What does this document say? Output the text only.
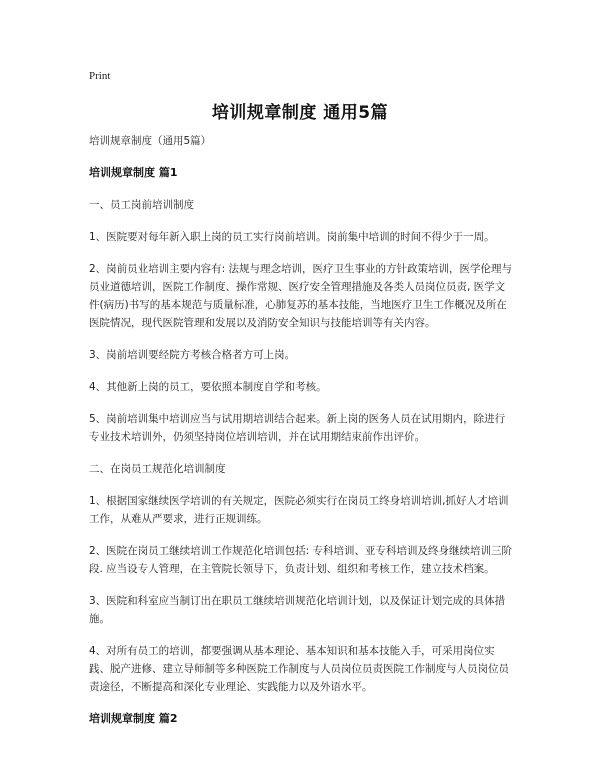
Print
培训规章制度 通用5篇

培训规章制度（通用5篇）

培训规章制度 篇1

一、员工岗前培训制度

1、医院要对每年新入职上岗的员工实行岗前培训。岗前集中培训的时间不得少于一周。

2、岗前员业培训主要内容有: 法规与理念培训，医疗卫生事业的方针政策培训，医学伦理与员业道德培训，医院工作制度、操作常规、医疗安全管理措施及各类人员岗位员责, 医学文件(病历)书写的基本规范与质量标准，心肺复苏的基本技能，当地医疗卫生工作概况及所在医院情况，现代医院管理和发展以及消防安全知识与技能培训等有关内容。

3、岗前培训要经院方考核合格者方可上岗。

4、其他新上岗的员工，要依照本制度自学和考核。

5、岗前培训集中培训应当与试用期培训结合起来。新上岗的医务人员在试用期内，除进行专业技术培训外，仍须坚持岗位培训培训，并在试用期结束前作出评价。

二、在岗员工规范化培训制度

1、根据国家继续医学培训的有关规定，医院必须实行在岗员工终身培训培训,抓好人才培训工作，从难从严要求，进行正规训练。

2、医院在岗员工继续培训工作规范化培训包括: 专科培训、亚专科培训及终身继续培训三阶段. 应当设专人管理，在主管院长领导下，负责计划、组织和考核工作，建立技术档案。

3、医院和科室应当制订出在职员工继续培训规范化培训计划，以及保证计划完成的具体措施。

4、对所有员工的培训，都要强调从基本理论、基本知识和基本技能入手，可采用岗位实践、脱产进修、建立导师制等多种医院工作制度与人员岗位员责医院工作制度与人员岗位员责途径，不断提高和深化专业理论、实践能力以及外语水平。

培训规章制度 篇2
